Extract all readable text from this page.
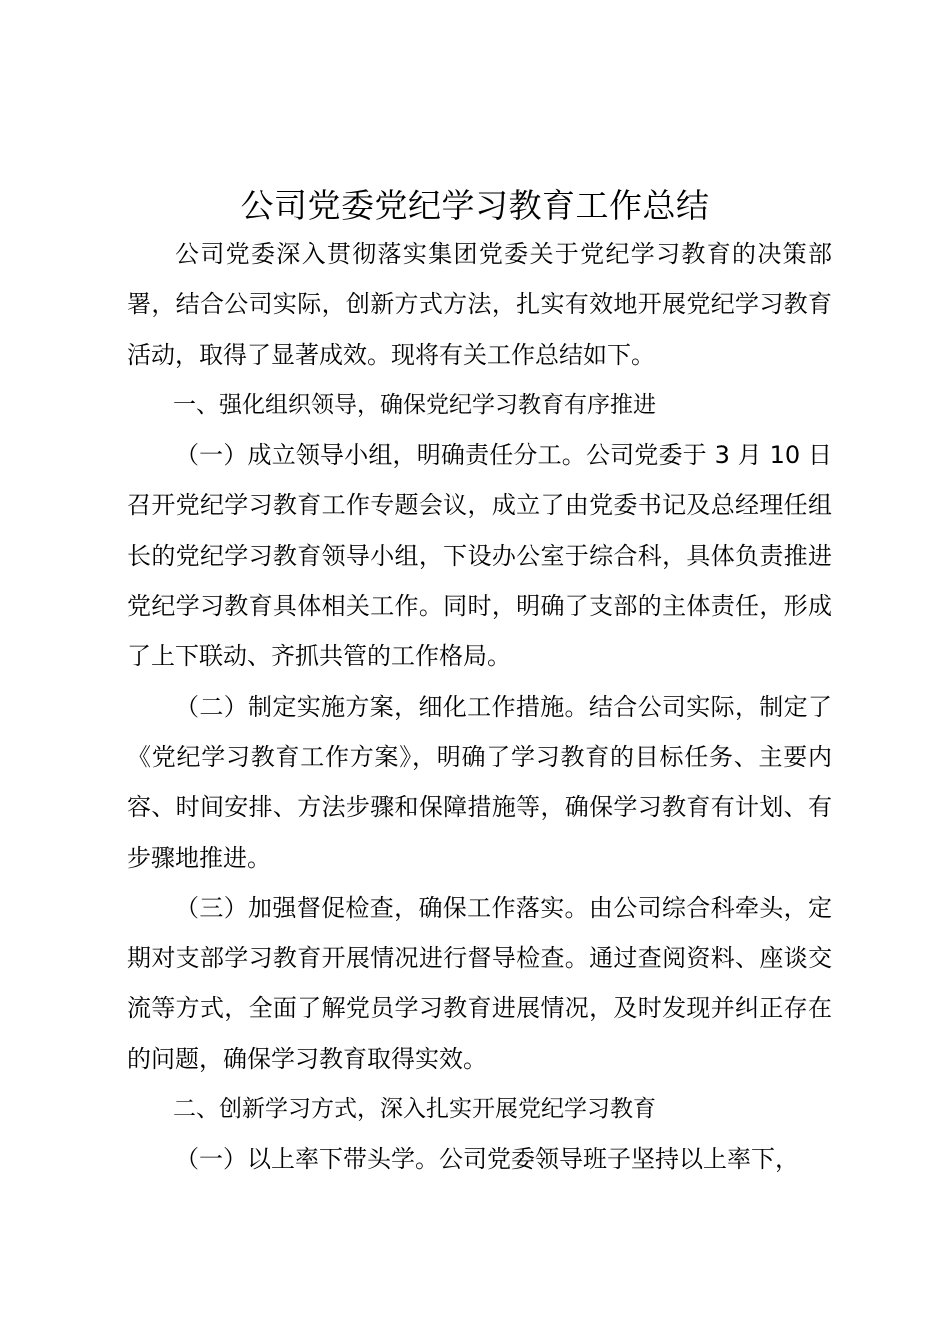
公司党委党纪学习教育工作总结

公司党委深入贯彻落实集团党委关于党纪学习教育的决策部署，结合公司实际，创新方式方法，扎实有效地开展党纪学习教育活动，取得了显著成效。现将有关工作总结如下。

一、强化组织领导，确保党纪学习教育有序推进

（一）成立领导小组，明确责任分工。公司党委于 3 月 10 日召开党纪学习教育工作专题会议，成立了由党委书记及总经理任组长的党纪学习教育领导小组，下设办公室于综合科，具体负责推进党纪学习教育具体相关工作。同时，明确了支部的主体责任，形成了上下联动、齐抓共管的工作格局。

（二）制定实施方案，细化工作措施。结合公司实际，制定了《党纪学习教育工作方案》，明确了学习教育的目标任务、主要内容、时间安排、方法步骤和保障措施等，确保学习教育有计划、有步骤地推进。

（三）加强督促检查，确保工作落实。由公司综合科牵头，定期对支部学习教育开展情况进行督导检查。通过查阅资料、座谈交流等方式，全面了解党员学习教育进展情况，及时发现并纠正存在的问题，确保学习教育取得实效。

二、创新学习方式，深入扎实开展党纪学习教育

（一）以上率下带头学。公司党委领导班子坚持以上率下，
